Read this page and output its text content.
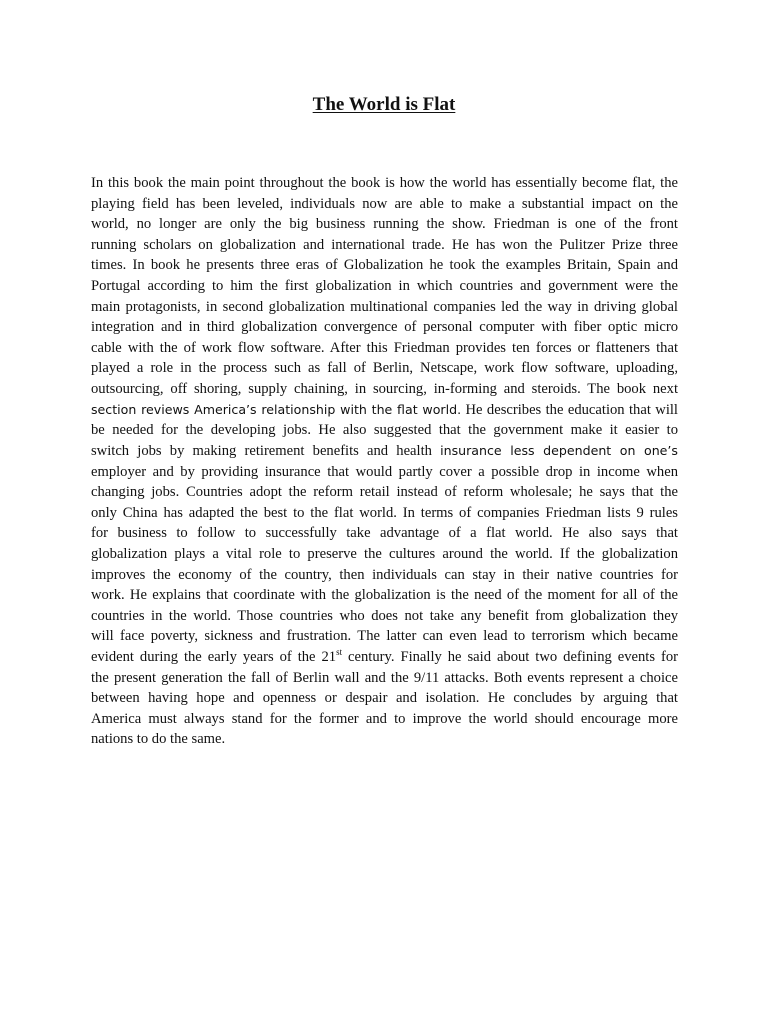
The World is Flat
In this book the main point throughout the book is how the world has essentially become flat, the
playing field has been leveled, individuals now are able to make a substantial impact on the
world, no longer are only the big business running the show. Friedman is one of the front
running scholars on globalization and international trade. He has won the Pulitzer Prize three
times. In book he presents three eras of Globalization he took the examples Britain, Spain and
Portugal according to him the first globalization in which countries and government were the
main protagonists, in second globalization multinational companies led the way in driving global
integration and in third globalization convergence of personal computer with fiber optic micro
cable with the of work flow software. After this Friedman provides ten forces or flatteners that
played a role in the process such as fall of Berlin, Netscape, work flow software, uploading,
outsourcing, off shoring, supply chaining, in sourcing, in-forming and steroids. The book next
section reviews America’s relationship with the flat world. He describes the education that will
be needed for the developing jobs. He also suggested that the government make it easier to
switch jobs by making retirement benefits and health insurance less dependent on one’s
employer and by providing insurance that would partly cover a possible drop in income when
changing jobs. Countries adopt the reform retail instead of reform wholesale; he says that the
only China has adapted the best to the flat world. In terms of companies Friedman lists 9 rules
for business to follow to successfully take advantage of a flat world. He also says that
globalization plays a vital role to preserve the cultures around the world. If the globalization
improves the economy of the country, then individuals can stay in their native countries for
work. He explains that coordinate with the globalization is the need of the moment for all of the
countries in the world. Those countries who does not take any benefit from globalization they
will face poverty, sickness and frustration. The latter can even lead to terrorism which became
evident during the early years of the 21st century. Finally he said about two defining events for
the present generation the fall of Berlin wall and the 9/11 attacks. Both events represent a choice
between having hope and openness or despair and isolation. He concludes by arguing that
America must always stand for the former and to improve the world should encourage more
nations to do the same.
